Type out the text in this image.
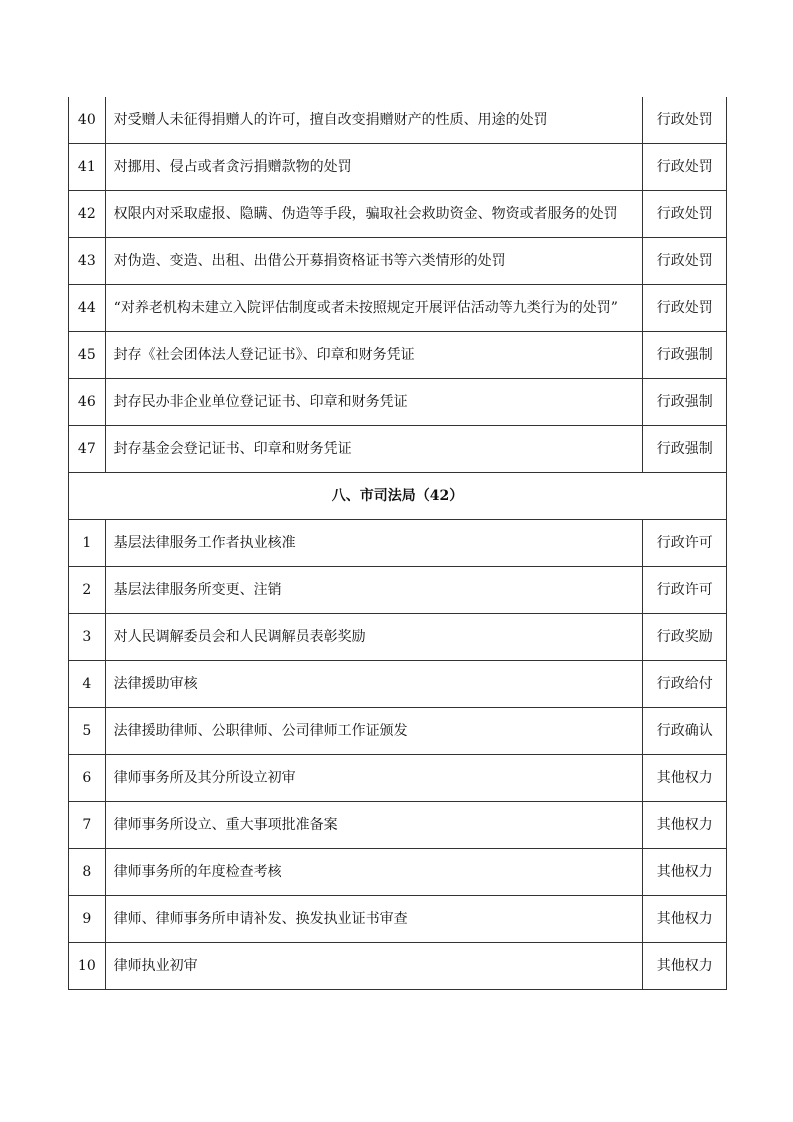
40	对受赠人未征得捐赠人的许可，擅自改变捐赠财产的性质、用途的处罚	行政处罚
41	对挪用、侵占或者贪污捐赠款物的处罚	行政处罚
42	权限内对采取虚报、隐瞒、伪造等手段，骗取社会救助资金、物资或者服务的处罚	行政处罚
43	对伪造、变造、出租、出借公开募捐资格证书等六类情形的处罚	行政处罚
44	“对养老机构未建立入院评估制度或者未按照规定开展评估活动等九类行为的处罚”	行政处罚
45	封存《社会团体法人登记证书》、印章和财务凭证	行政强制
46	封存民办非企业单位登记证书、印章和财务凭证	行政强制
47	封存基金会登记证书、印章和财务凭证	行政强制
八、市司法局（42）		
1	基层法律服务工作者执业核准	行政许可
2	基层法律服务所变更、注销	行政许可
3	对人民调解委员会和人民调解员表彰奖励	行政奖励
4	法律援助审核	行政给付
5	法律援助律师、公职律师、公司律师工作证颁发	行政确认
6	律师事务所及其分所设立初审	其他权力
7	律师事务所设立、重大事项批准备案	其他权力
8	律师事务所的年度检查考核	其他权力
9	律师、律师事务所申请补发、换发执业证书审查	其他权力
10	律师执业初审	其他权力
